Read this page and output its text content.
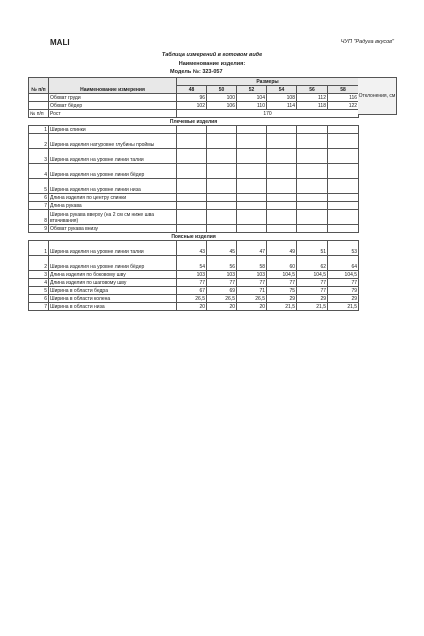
MALI	ЧУП "Радуга вкусов"
Таблица измерений в готовом виде
Наименование изделия:
Модель №: 323-057
№ п/п	Наименование измерения	Размеры					
		48	50	52	54	56	58
	Обхват груди	96	100	104	108	112	116
	Обхват бёдер	102	106	110	114	118	122
№ п/п	Рост	170					
Плечевые изделия							
1	Ширина спинки						
2	Ширина изделия натуровне глубины проймы						
3	Ширина изделия на уровне линии талии						
4	Ширина изделия на уровне линии бёдер						
5	Ширина изделия на уровне линии низа						
6	Длина изделия по центру спинки						
7	Длина рукава						
8	Ширина рукава вверху (на 2 см см ниже шва втачивания)						
9	Обхват рукава внизу						
Поясные изделия							
1	Ширина изделия на уровне линии талии	43	45	47	49	51	53
2	Ширина изделия на уровне линии бёдер	54	56	58	60	62	64
3	Длина изделия по боковому шву	103	103	103	104,5	104,5	104,5
4	Длина изделия по шаговому шву	77	77	77	77	77	77
5	Ширина в области бедра	67	69	71	75	77	79
6	Ширина в области колена	26,5	26,5	26,5	29	29	29
7	Ширина в области низа	20	20	20	21,5	21,5	21,5
Отклонения, см
